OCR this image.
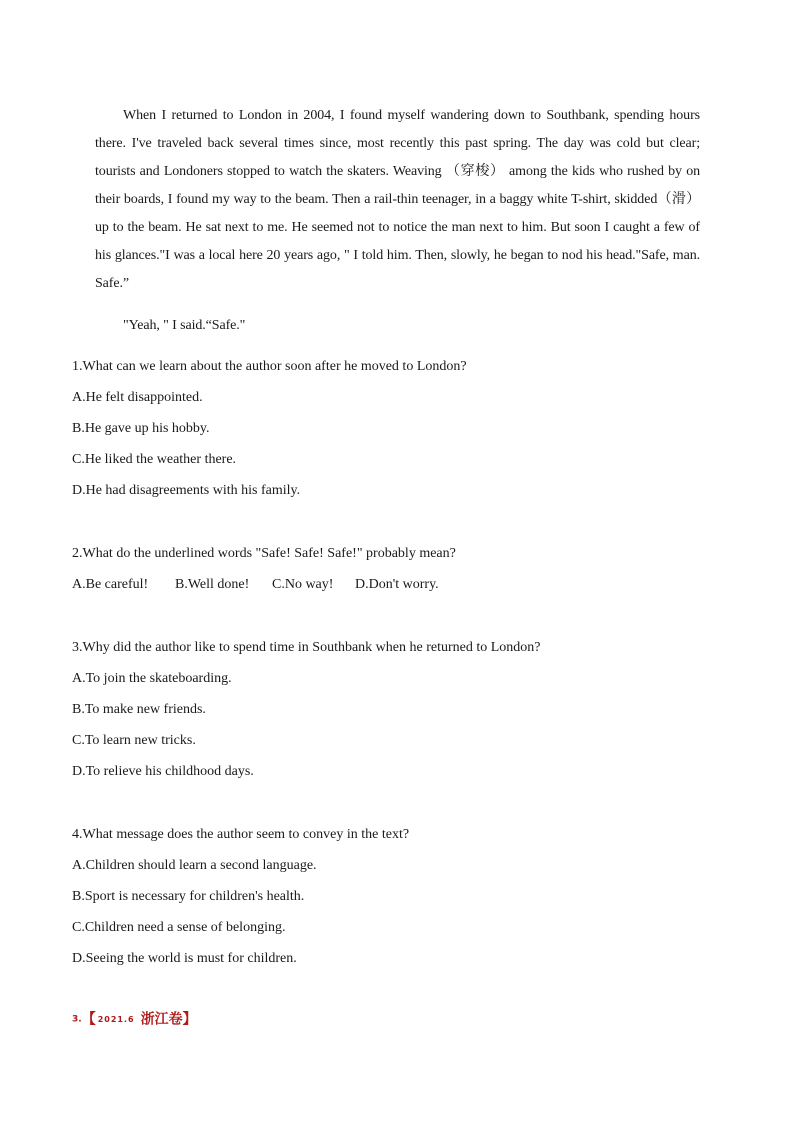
When I returned to London in 2004, I found myself wandering down to Southbank, spending hours there. I've traveled back several times since, most recently this past spring. The day was cold but clear; tourists and Londoners stopped to watch the skaters. Weaving （穿梭） among the kids who rushed by on their boards, I found my way to the beam. Then a rail-thin teenager, in a baggy white T-shirt, skidded（滑） up to the beam. He sat next to me. He seemed not to notice the man next to him. But soon I caught a few of his glances."I was a local here 20 years ago, " I told him. Then, slowly, he began to nod his head."Safe, man. Safe.”

"Yeah, " I said.“Safe."

1.What can we learn about the author soon after he moved to London?
A.He felt disappointed.
B.He gave up his hobby.
C.He liked the weather there.
D.He had disagreements with his family.
2.What do the underlined words "Safe! Safe! Safe!" probably mean?
A.Be careful! B.Well done! C.No way! D.Don't worry.
3.Why did the author like to spend time in Southbank when he returned to London?
A.To join the skateboarding.
B.To make new friends.
C.To learn new tricks.
D.To relieve his childhood days.
4.What message does the author seem to convey in the text?
A.Children should learn a second language.
B.Sport is necessary for children's health.
C.Children need a sense of belonging.
D.Seeing the world is must for children.
3.【 2021.6 浙江卷】
